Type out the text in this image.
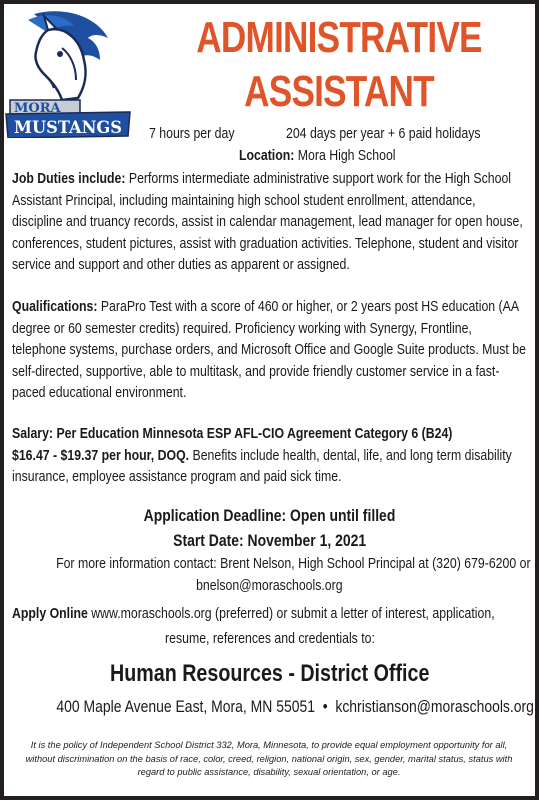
MORA
MUSTANGS
ADMINISTRATIVE
ASSISTANT
7 hours per day	204 days per year + 6 paid holidays
Location: Mora High School

Job Duties include: Performs intermediate administrative support work for the High School Assistant Principal, including maintaining high school student enrollment, attendance, discipline and truancy records, assist in calendar management, lead manager for open house, conferences, student pictures, assist with graduation activities. Telephone, student and visitor service and support and other duties as apparent or assigned.

Qualifications: ParaPro Test with a score of 460 or higher, or 2 years post HS education (AA degree or 60 semester credits) required. Proficiency working with Synergy, Frontline, telephone systems, purchase orders, and Microsoft Office and Google Suite products. Must be self-directed, supportive, able to multitask, and provide friendly customer service in a fast-paced educational environment.

Salary: Per Education Minnesota ESP AFL-CIO Agreement Category 6 (B24)
$16.47 - $19.37 per hour, DOQ. Benefits include health, dental, life, and long term disability insurance, employee assistance program and paid sick time.

Application Deadline: Open until filled
Start Date: November 1, 2021
For more information contact: Brent Nelson, High School Principal at (320) 679-6200 or
bnelson@moraschools.org
Apply Online www.moraschools.org (preferred) or submit a letter of interest, application,
resume, references and credentials to:
Human Resources - District Office
400 Maple Avenue East, Mora, MN 55051 • kchristianson@moraschools.org
It is the policy of Independent School District 332, Mora, Minnesota, to provide equal employment opportunity for all, without discrimination on the basis of race, color, creed, religion, national origin, sex, gender, marital status, status with regard to public assistance, disability, sexual orientation, or age.
